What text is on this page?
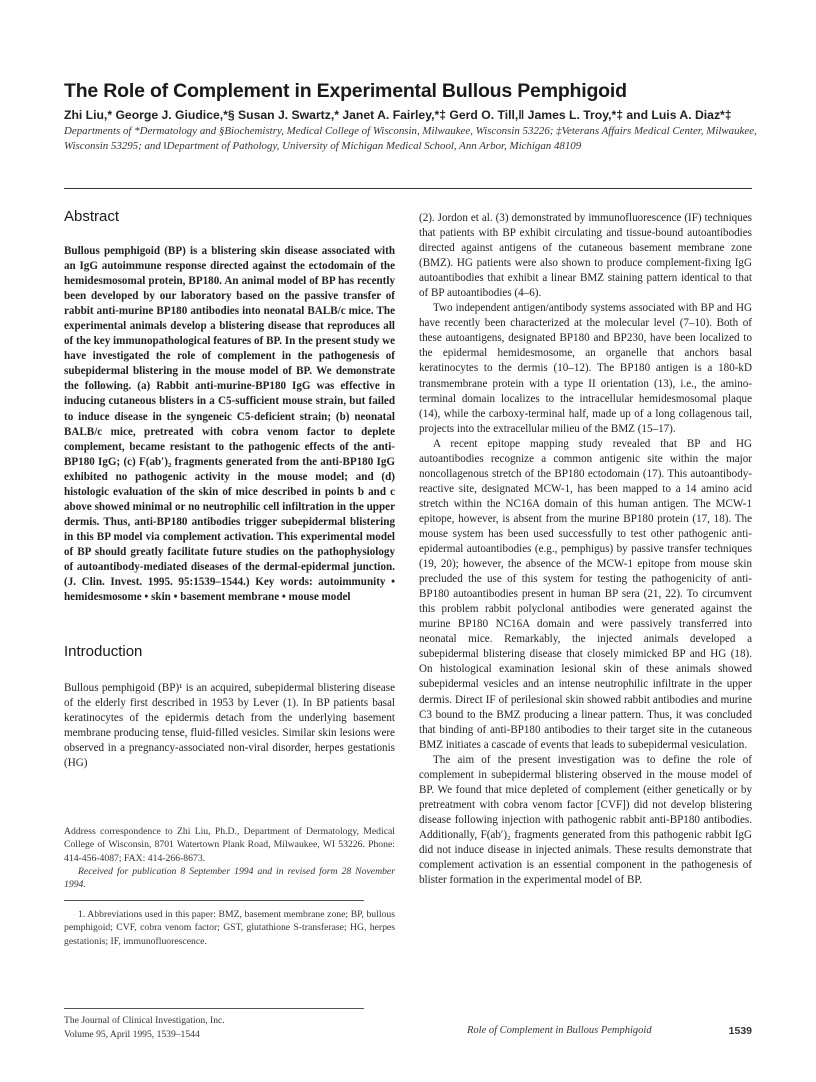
The Role of Complement in Experimental Bullous Pemphigoid
Zhi Liu,* George J. Giudice,*§ Susan J. Swartz,* Janet A. Fairley,*‡ Gerd O. Till,‖ James L. Troy,*‡ and Luis A. Diaz*‡
Departments of *Dermatology and §Biochemistry, Medical College of Wisconsin, Milwaukee, Wisconsin 53226; ‡Veterans Affairs Medical Center, Milwaukee, Wisconsin 53295; and ‖Department of Pathology, University of Michigan Medical School, Ann Arbor, Michigan 48109
Abstract

Bullous pemphigoid (BP) is a blistering skin disease associated with an IgG autoimmune response directed against the ectodomain of the hemidesmosomal protein, BP180. An animal model of BP has recently been developed by our laboratory based on the passive transfer of rabbit anti-murine BP180 antibodies into neonatal BALB/c mice. The experimental animals develop a blistering disease that reproduces all of the key immunopathological features of BP. In the present study we have investigated the role of complement in the pathogenesis of subepidermal blistering in the mouse model of BP. We demonstrate the following. (a) Rabbit anti-murine-BP180 IgG was effective in inducing cutaneous blisters in a C5-sufficient mouse strain, but failed to induce disease in the syngeneic C5-deficient strain; (b) neonatal BALB/c mice, pretreated with cobra venom factor to deplete complement, became resistant to the pathogenic effects of the anti-BP180 IgG; (c) F(ab′)₂ fragments generated from the anti-BP180 IgG exhibited no pathogenic activity in the mouse model; and (d) histologic evaluation of the skin of mice described in points b and c above showed minimal or no neutrophilic cell infiltration in the upper dermis. Thus, anti-BP180 antibodies trigger subepidermal blistering in this BP model via complement activation. This experimental model of BP should greatly facilitate future studies on the pathophysiology of autoantibody-mediated diseases of the dermal-epidermal junction. (J. Clin. Invest. 1995. 95:1539–1544.) Key words: autoimmunity • hemidesmosome • skin • basement membrane • mouse model

Introduction

Bullous pemphigoid (BP)¹ is an acquired, subepidermal blistering disease of the elderly first described in 1953 by Lever (1). In BP patients basal keratinocytes of the epidermis detach from the underlying basement membrane producing tense, fluid-filled vesicles. Similar skin lesions were observed in a pregnancy-associated non-viral disorder, herpes gestationis (HG)

(2). Jordon et al. (3) demonstrated by immunofluorescence (IF) techniques that patients with BP exhibit circulating and tissue-bound autoantibodies directed against antigens of the cutaneous basement membrane zone (BMZ). HG patients were also shown to produce complement-fixing IgG autoantibodies that exhibit a linear BMZ staining pattern identical to that of BP autoantibodies (4–6).

Two independent antigen/antibody systems associated with BP and HG have recently been characterized at the molecular level (7–10). Both of these autoantigens, designated BP180 and BP230, have been localized to the epidermal hemidesmosome, an organelle that anchors basal keratinocytes to the dermis (10–12). The BP180 antigen is a 180-kD transmembrane protein with a type II orientation (13), i.e., the amino-terminal domain localizes to the intracellular hemidesmosomal plaque (14), while the carboxy-terminal half, made up of a long collagenous tail, projects into the extracellular milieu of the BMZ (15–17).

A recent epitope mapping study revealed that BP and HG autoantibodies recognize a common antigenic site within the major noncollagenous stretch of the BP180 ectodomain (17). This autoantibody-reactive site, designated MCW-1, has been mapped to a 14 amino acid stretch within the NC16A domain of this human antigen. The MCW-1 epitope, however, is absent from the murine BP180 protein (17, 18). The mouse system has been used successfully to test other pathogenic anti-epidermal autoantibodies (e.g., pemphigus) by passive transfer techniques (19, 20); however, the absence of the MCW-1 epitope from mouse skin precluded the use of this system for testing the pathogenicity of anti-BP180 autoantibodies present in human BP sera (21, 22). To circumvent this problem rabbit polyclonal antibodies were generated against the murine BP180 NC16A domain and were passively transferred into neonatal mice. Remarkably, the injected animals developed a subepidermal blistering disease that closely mimicked BP and HG (18). On histological examination lesional skin of these animals showed subepidermal vesicles and an intense neutrophilic infiltrate in the upper dermis. Direct IF of perilesional skin showed rabbit antibodies and murine C3 bound to the BMZ producing a linear pattern. Thus, it was concluded that binding of anti-BP180 antibodies to their target site in the cutaneous BMZ initiates a cascade of events that leads to subepidermal vesiculation.

The aim of the present investigation was to define the role of complement in subepidermal blistering observed in the mouse model of BP. We found that mice depleted of complement (either genetically or by pretreatment with cobra venom factor [CVF]) did not develop blistering disease following injection with pathogenic rabbit anti-BP180 antibodies. Additionally, F(ab′)₂ fragments generated from this pathogenic rabbit IgG did not induce disease in injected animals. These results demonstrate that complement activation is an essential component in the pathogenesis of blister formation in the experimental model of BP.

Address correspondence to Zhi Liu, Ph.D., Department of Dermatology, Medical College of Wisconsin, 8701 Watertown Plank Road, Milwaukee, WI 53226. Phone: 414-456-4087; FAX: 414-266-8673.

Received for publication 8 September 1994 and in revised form 28 November 1994.

1. Abbreviations used in this paper: BMZ, basement membrane zone; BP, bullous pemphigoid; CVF, cobra venom factor; GST, glutathione S-transferase; HG, herpes gestationis; IF, immunofluorescence.

The Journal of Clinical Investigation, Inc.
Volume 95, April 1995, 1539–1544	Role of Complement in Bullous Pemphigoid	1539
